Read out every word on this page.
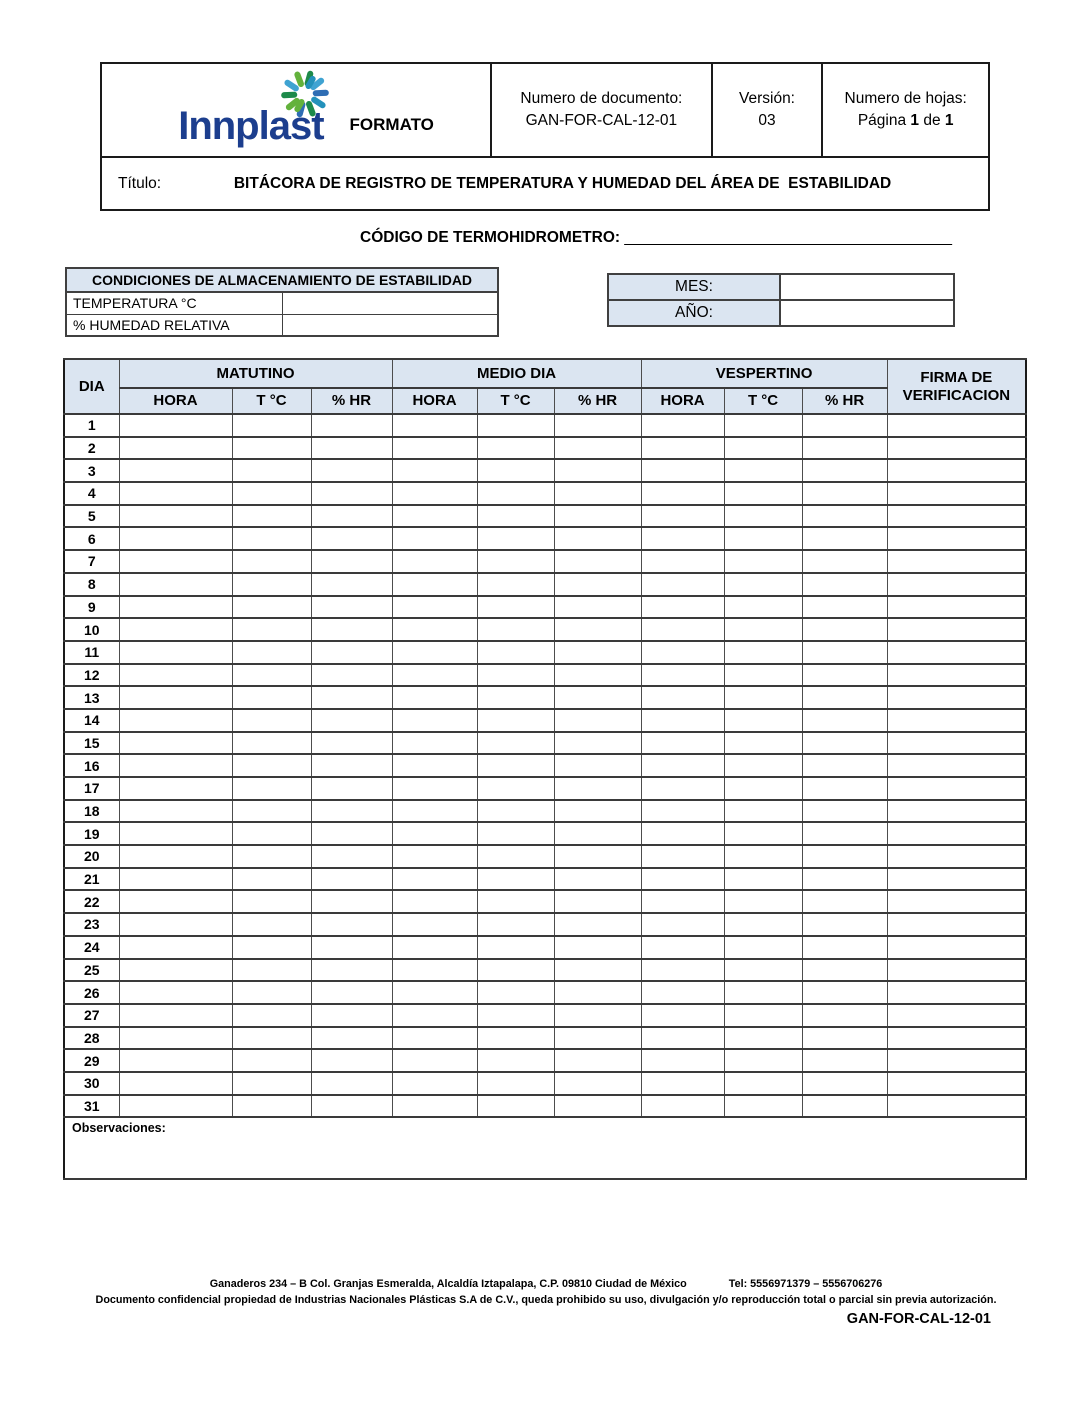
Innplast FORMATO
Numero de documento:
GAN-FOR-CAL-12-01
Versión:
03
Numero de hojas:
Página 1 de 1
Título:	BITÁCORA DE REGISTRO DE TEMPERATURA Y HUMEDAD DEL ÁREA DE  ESTABILIDAD
CÓDIGO DE TERMOHIDROMETRO: ______________________________________
CONDICIONES DE ALMACENAMIENTO DE ESTABILIDAD	
TEMPERATURA °C	
% HUMEDAD RELATIVA	
MES:	
AÑO:	
DIA	MATUTINO			MEDIO DIA			VESPERTINO			FIRMA DE VERIFICACION
	HORA	T °C	% HR	HORA	T °C	% HR	HORA	T °C	% HR	
1										
2										
3										
4										
5										
6										
7										
8										
9										
10										
11										
12										
13										
14										
15										
16										
17										
18										
19										
20										
21										
22										
23										
24										
25										
26										
27										
28										
29										
30										
31										
Observaciones:										
Ganaderos 234 – B Col. Granjas Esmeralda, Alcaldía Iztapalapa, C.P. 09810 Ciudad de México	Tel: 5556971379 – 5556706276
Documento confidencial propiedad de Industrias Nacionales Plásticas S.A de C.V., queda prohibido su uso, divulgación y/o reproducción total o parcial sin previa autorización.
GAN-FOR-CAL-12-01
